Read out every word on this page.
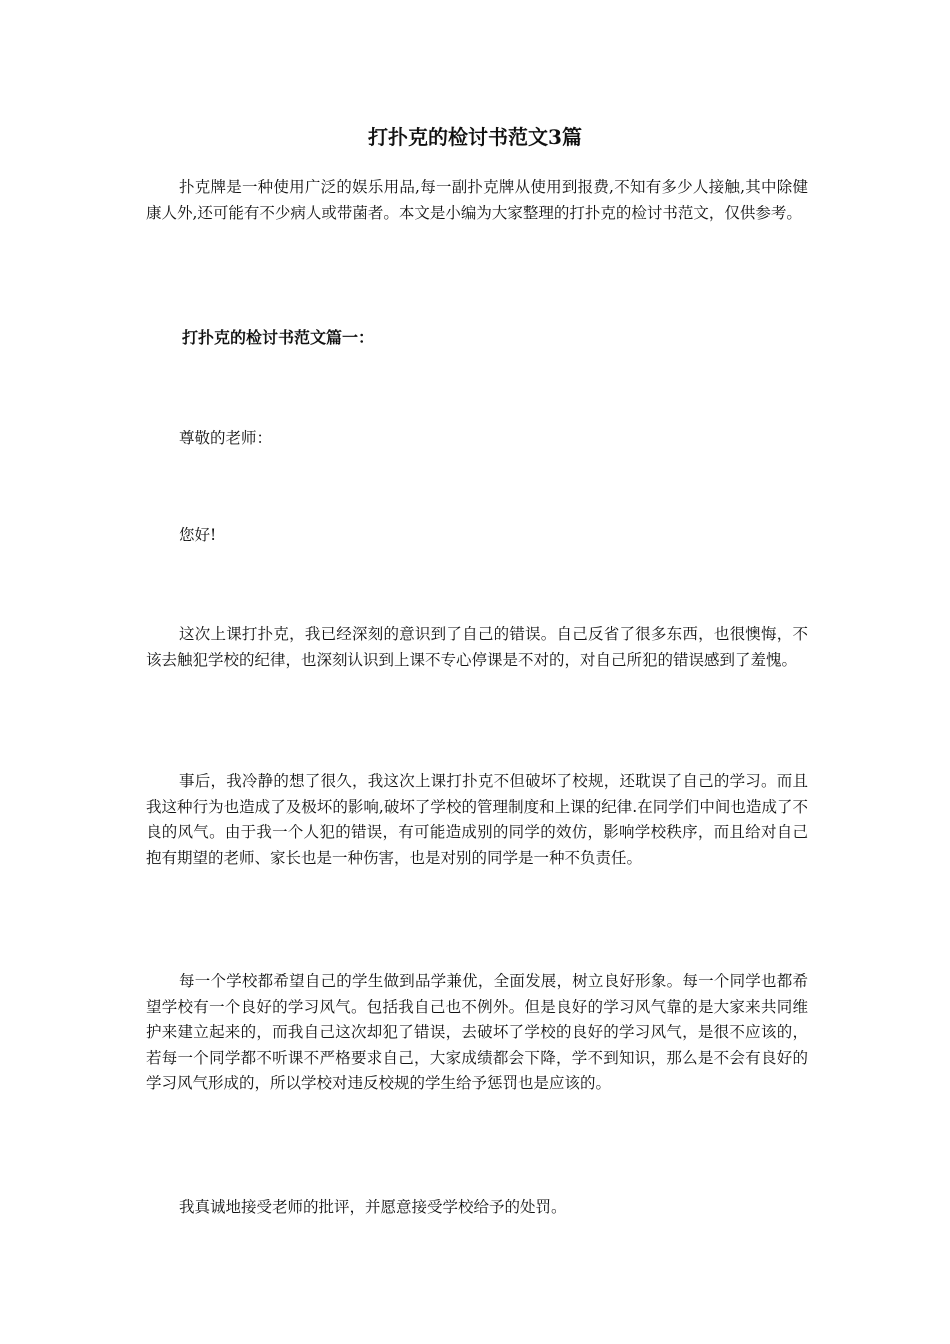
打扑克的检讨书范文3篇

扑克牌是一种使用广泛的娱乐用品,每一副扑克牌从使用到报费,不知有多少人接触,其中除健康人外,还可能有不少病人或带菌者。本文是小编为大家整理的打扑克的检讨书范文，仅供参考。

打扑克的检讨书范文篇一：

尊敬的老师：

您好!

这次上课打扑克，我已经深刻的意识到了自己的错误。自己反省了很多东西，也很懊悔，不该去触犯学校的纪律，也深刻认识到上课不专心停课是不对的，对自己所犯的错误感到了羞愧。

事后，我冷静的想了很久，我这次上课打扑克不但破坏了校规，还耽误了自己的学习。而且我这种行为也造成了及极坏的影响,破坏了学校的管理制度和上课的纪律.在同学们中间也造成了不良的风气。由于我一个人犯的错误，有可能造成别的同学的效仿，影响学校秩序，而且给对自己抱有期望的老师、家长也是一种伤害，也是对别的同学是一种不负责任。

每一个学校都希望自己的学生做到品学兼优，全面发展，树立良好形象。每一个同学也都希望学校有一个良好的学习风气。包括我自己也不例外。但是良好的学习风气靠的是大家来共同维护来建立起来的，而我自己这次却犯了错误，去破坏了学校的良好的学习风气，是很不应该的，若每一个同学都不听课不严格要求自己，大家成绩都会下降，学不到知识，那么是不会有良好的学习风气形成的，所以学校对违反校规的学生给予惩罚也是应该的。

我真诚地接受老师的批评，并愿意接受学校给予的处罚。
